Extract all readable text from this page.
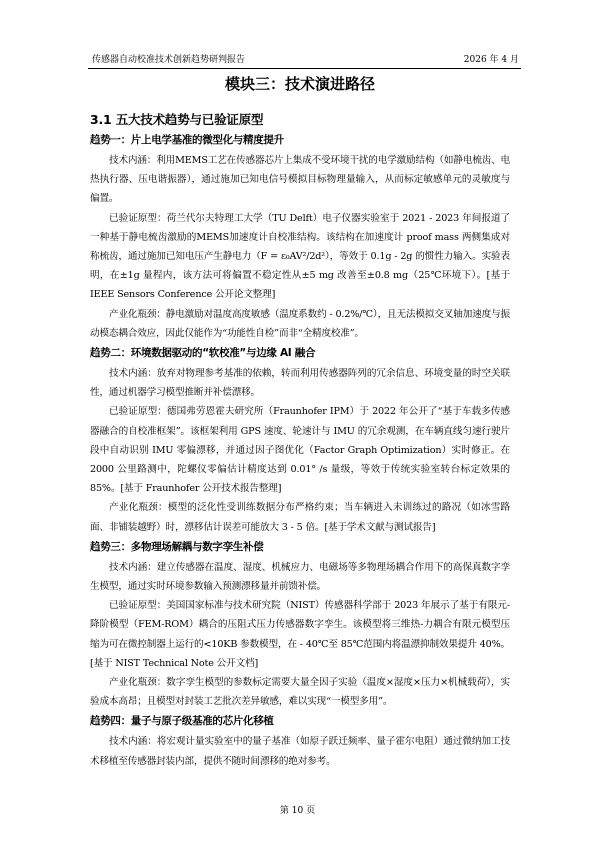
传感器自动校准技术创新趋势研判报告	2026 年 4 月
模块三：技术演进路径
3.1 五大技术趋势与已验证原型
趋势一：片上电学基准的微型化与精度提升

技术内涵：利用MEMS工艺在传感器芯片上集成不受环境干扰的电学激励结构（如静电梳齿、电热执行器、压电谐振器），通过施加已知电信号模拟目标物理量输入，从而标定敏感单元的灵敏度与偏置。

已验证原型：荷兰代尔夫特理工大学（TU Delft）电子仪器实验室于 2021 - 2023 年间报道了一种基于静电梳齿激励的MEMS加速度计自校准结构。该结构在加速度计 proof mass 两侧集成对称梳齿，通过施加已知电压产生静电力（F = ε₀AV²/2d²），等效于 0.1g - 2g 的惯性力输入。实验表明，在±1g 量程内，该方法可将偏置不稳定性从±5 mg 改善至±0.8 mg（25℃环境下）。[基于 IEEE Sensors Conference 公开论文整理]

产业化瓶颈：静电激励对温度高度敏感（温度系数约 - 0.2%/℃），且无法模拟交叉轴加速度与振动模态耦合效应，因此仅能作为“功能性自检”而非“全精度校准”。

趋势二：环境数据驱动的“软校准”与边缘 AI 融合

技术内涵：放弃对物理参考基准的依赖，转而利用传感器阵列的冗余信息、环境变量的时空关联性，通过机器学习模型推断并补偿漂移。

已验证原型：德国弗劳恩霍夫研究所（Fraunhofer IPM）于 2022 年公开了“基于车载多传感器融合的自校准框架”。该框架利用 GPS 速度、轮速计与 IMU 的冗余观测，在车辆直线匀速行驶片段中自动识别 IMU 零偏漂移，并通过因子图优化（Factor Graph Optimization）实时修正。在 2000 公里路测中，陀螺仪零偏估计精度达到 0.01° /s 量级，等效于传统实验室转台标定效果的 85%。[基于 Fraunhofer 公开技术报告整理]

产业化瓶颈：模型的泛化性受训练数据分布严格约束；当车辆进入未训练过的路况（如冰雪路面、非铺装越野）时，漂移估计误差可能放大 3 - 5 倍。[基于学术文献与测试报告]

趋势三：多物理场解耦与数字孪生补偿

技术内涵：建立传感器在温度、湿度、机械应力、电磁场等多物理场耦合作用下的高保真数字孪生模型，通过实时环境参数输入预测漂移量并前馈补偿。

已验证原型：美国国家标准与技术研究院（NIST）传感器科学部于 2023 年展示了基于有限元-降阶模型（FEM-ROM）耦合的压阻式压力传感器数字孪生。该模型将三维热-力耦合有限元模型压缩为可在微控制器上运行的<10KB 参数模型，在 - 40℃至 85℃范围内将温漂抑制效果提升 40%。[基于 NIST Technical Note 公开文档]

产业化瓶颈：数字孪生模型的参数标定需要大量全因子实验（温度×湿度×压力×机械载荷），实验成本高昂；且模型对封装工艺批次差异敏感，难以实现“一模型多用”。

趋势四：量子与原子级基准的芯片化移植

技术内涵：将宏观计量实验室中的量子基准（如原子跃迁频率、量子霍尔电阻）通过微纳加工技术移植至传感器封装内部，提供不随时间漂移的绝对参考。

第 10 页
